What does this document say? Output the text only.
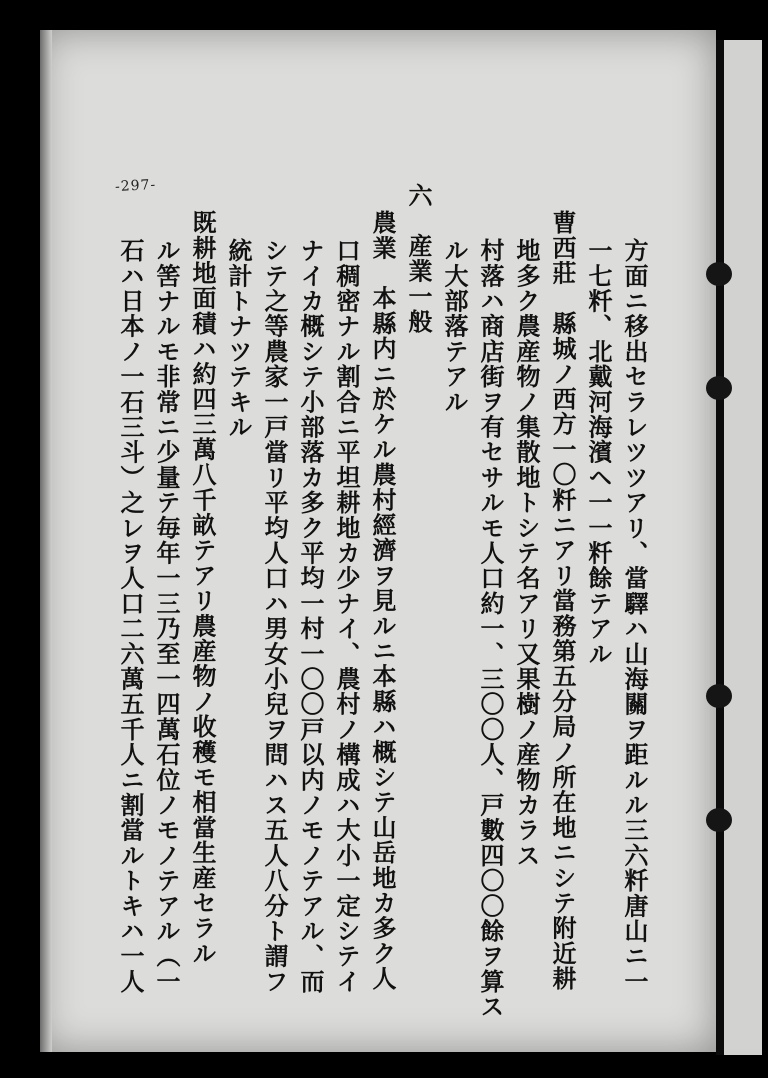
-297-
方面ニ移出セラレツツアリ、當驛ハ山海關ヲ距ルル三六粁唐山ニ一
一七粁、北戴河海濱ヘ一一粁餘テアル
曹西莊　縣城ノ西方一〇粁ニアリ當務第五分局ノ所在地ニシテ附近耕
地多ク農産物ノ集散地トシテ名アリ又果樹ノ産物カラス
村落ハ商店街ヲ有セサルモ人口約一、三〇〇人、戸數四〇〇餘ヲ算ス
ル大部落テアル
六　産業一般
農業　本縣内ニ於ケル農村經濟ヲ見ルニ本縣ハ概シテ山岳地カ多ク人
口稠密ナル割合ニ平坦耕地カ少ナイ、農村ノ構成ハ大小一定シテイ
ナイカ概シテ小部落カ多ク平均一村一〇〇戸以内ノモノテアル、而
シテ之等農家一戸當リ平均人口ハ男女小兒ヲ問ハス五人八分ト謂フ
統計トナツテキル
既耕地面積ハ約四三萬八千畝テアリ農産物ノ收穫モ相當生産セラル
ル筈ナルモ非常ニ少量テ毎年一三乃至一四萬石位ノモノテアル（一
石ハ日本ノ一石三斗）之レヲ人口二六萬五千人ニ割當ルトキハ一人
